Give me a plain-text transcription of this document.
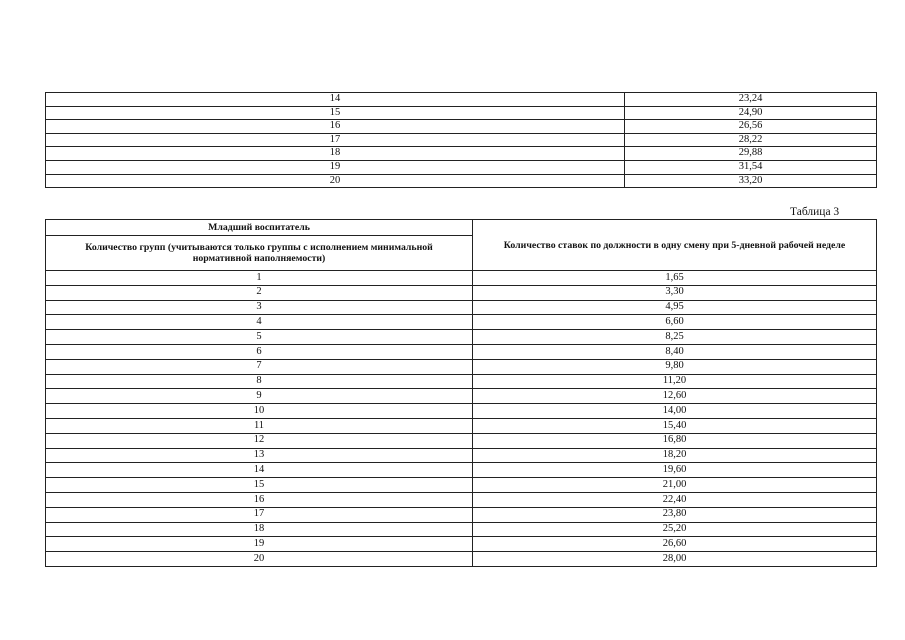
14	23,24
15	24,90
16	26,56
17	28,22
18	29,88
19	31,54
20	33,20
Таблица 3
Младший воспитатель	Количество ставок по должности в одну смену при 5-дневной рабочей неделе
Количество групп (учитываются только группы с исполнением минимальной нормативной наполняемости)	
1	1,65
2	3,30
3	4,95
4	6,60
5	8,25
6	8,40
7	9,80
8	11,20
9	12,60
10	14,00
11	15,40
12	16,80
13	18,20
14	19,60
15	21,00
16	22,40
17	23,80
18	25,20
19	26,60
20	28,00
